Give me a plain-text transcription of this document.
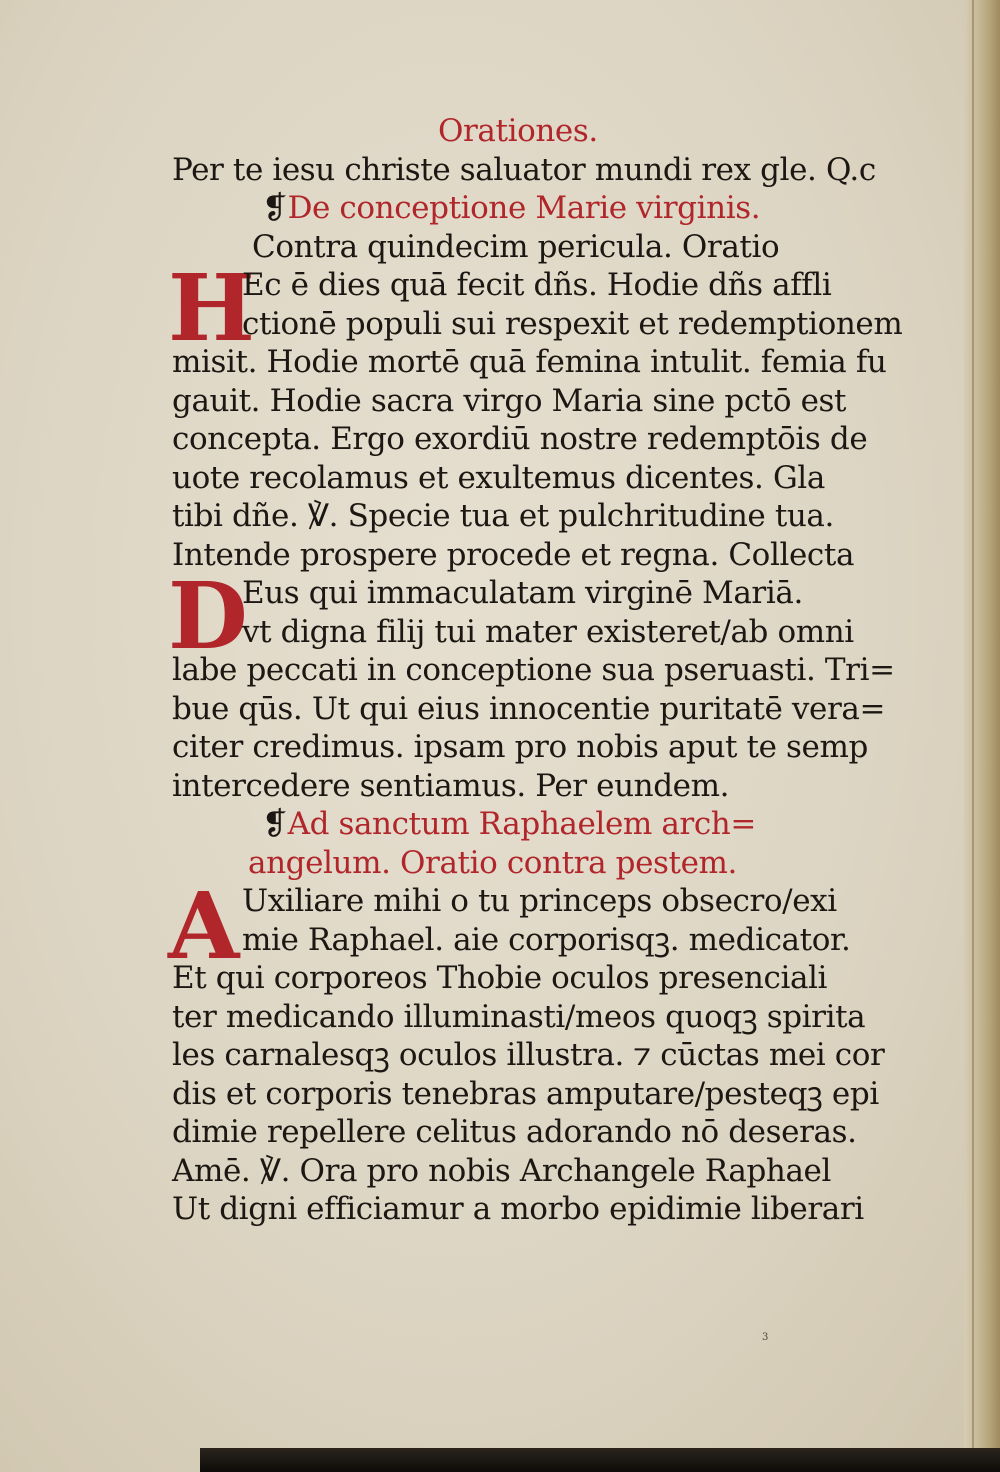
H
D
A
Orationes.
Per te iesu christe saluator mundi rex gle. Q.c
❡De conceptione Marie virginis.
Contra quindecim pericula. Oratio
Ec ē dies quā fecit dñs. Hodie dñs affli
ctionē populi sui respexit et redemptionem
misit. Hodie mortē quā femina intulit. femia fu
gauit. Hodie sacra virgo Maria sine pctō est
concepta. Ergo exordiū nostre redemptōis de
uote recolamus et exultemus dicentes. Gla
tibi dñe. ℣. Specie tua et pulchritudine tua.
Intende prospere procede et regna. Collecta
Eus qui immaculatam virginē Mariā.
vt digna filij tui mater existeret/ab omni
labe peccati in conceptione sua pseruasti. Tri=
bue qūs. Ut qui eius innocentie puritatē vera=
citer credimus. ipsam pro nobis aput te semp
intercedere sentiamus. Per eundem.
❡Ad sanctum Raphaelem arch=
angelum. Oratio contra pestem.
Uxiliare mihi o tu princeps obsecro/exi
mie Raphael. aie corporisqꝫ. medicator.
Et qui corporeos Thobie oculos presenciali
ter medicando illuminasti/meos quoqꝫ spirita
les carnalesqꝫ oculos illustra. ⁊ cūctas mei cor
dis et corporis tenebras amputare/pesteqꝫ epi
dimie repellere celitus adorando nō deseras.
Amē. ℣. Ora pro nobis Archangele Raphael
Ut digni efficiamur a morbo epidimie liberari
3
